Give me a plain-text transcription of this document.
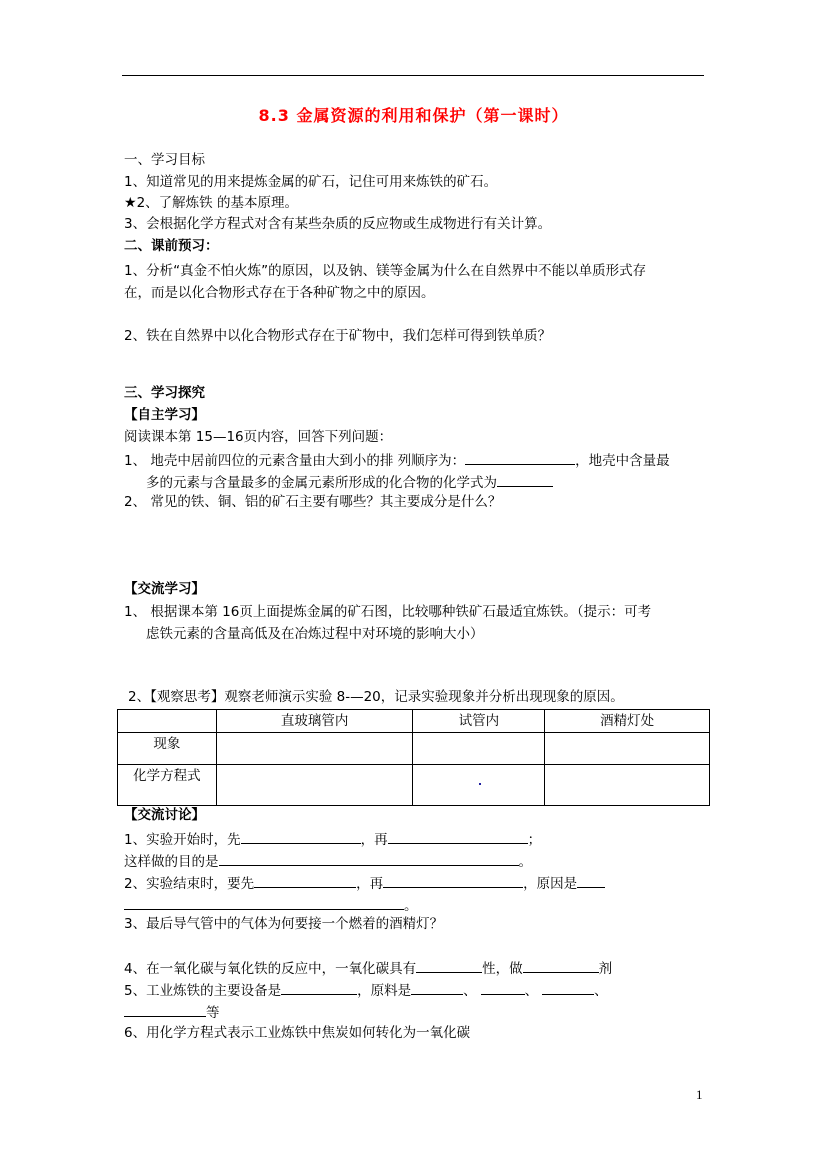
8.3 金属资源的利用和保护（第一课时）
一、学习目标
1、知道常见的用来提炼金属的矿石，记住可用来炼铁的矿石。
★2、了解炼铁 的基本原理。
3、会根据化学方程式对含有某些杂质的反应物或生成物进行有关计算。
二、课前预习：
1、分析“真金不怕火炼”的原因，以及钠、镁等金属为什么在自然界中不能以单质形式存
在，而是以化合物形式存在于各种矿物之中的原因。
2、铁在自然界中以化合物形式存在于矿物中，我们怎样可得到铁单质？
三、学习探究
【自主学习】
阅读课本第 15—16页内容，回答下列问题：
1、 地壳中居前四位的元素含量由大到小的排 列顺序为：	，地壳中含量最
多的元素与含量最多的金属元素所形成的化合物的化学式为
2、 常见的铁、铜、铝的矿石主要有哪些？其主要成分是什么？
【交流学习】
1、 根据课本第 16页上面提炼金属的矿石图，比较哪种铁矿石最适宜炼铁。（提示：可考
虑铁元素的含量高低及在冶炼过程中对环境的影响大小）
2、【观察思考】观察老师演示实验 8-—20，记录实验现象并分析出现现象的原因。
	直玻璃管内	试管内	酒精灯处
现象			
化学方程式			
【交流讨论】
1、实验开始时，先	，再	；
这样做的目的是	。
2、实验结束时，要先	，再	，原因是
。
3、最后导气管中的气体为何要接一个燃着的酒精灯？
4、在一氧化碳与氧化铁的反应中，一氧化碳具有	性，做	剂
5、工业炼铁的主要设备是	，原料是	、	、	、
等
6、用化学方程式表示工业炼铁中焦炭如何转化为一氧化碳
1
